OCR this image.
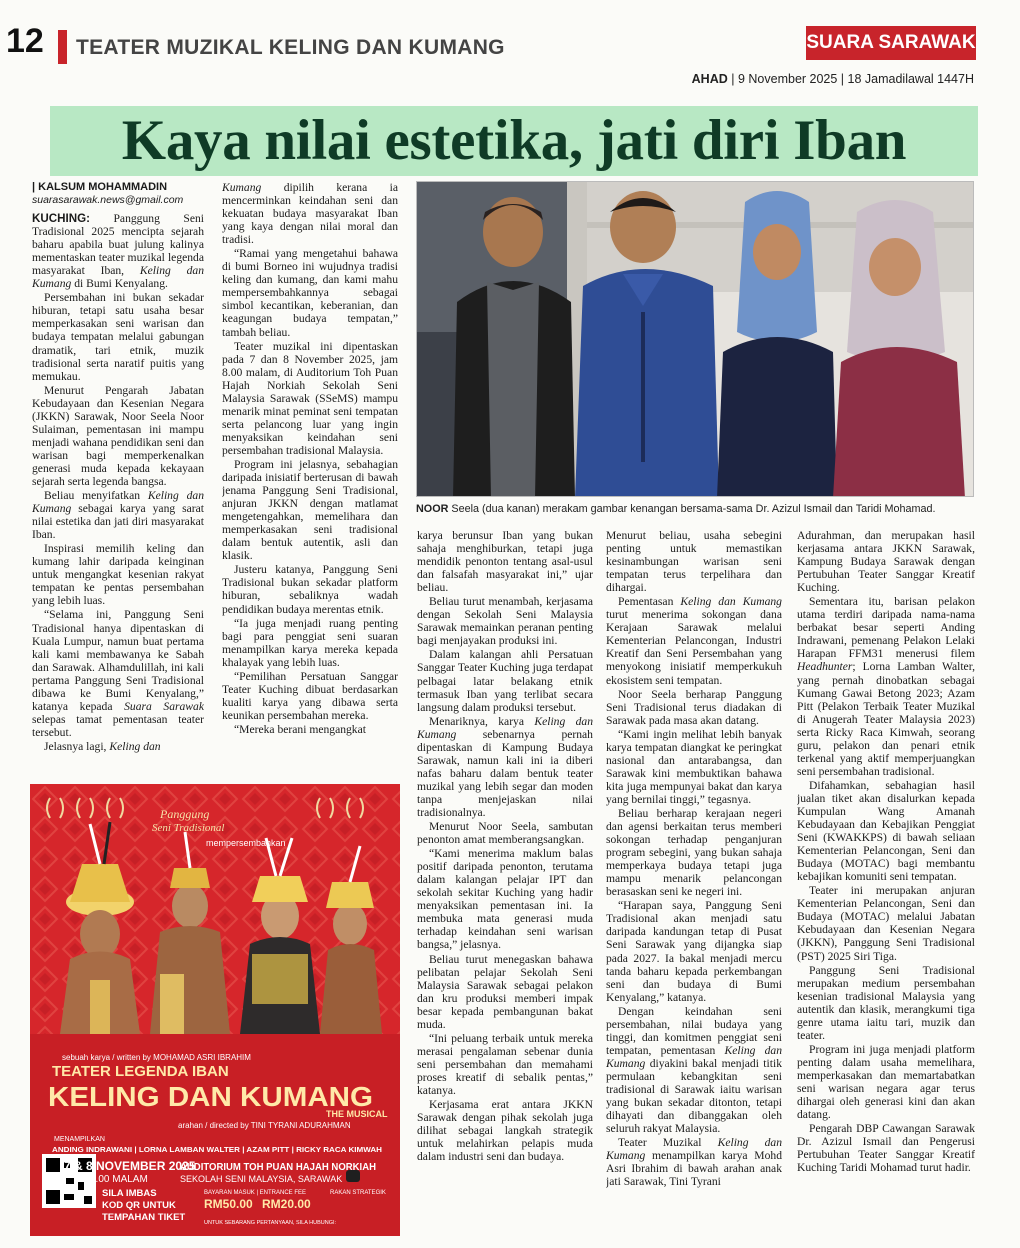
12 TEATER MUZIKAL KELING DAN KUMANG	SUARA SARAWAK
AHAD | 9 November 2025 | 18 Jamadilawal 1447H
Kaya nilai estetika, jati diri Iban
| KALSUM MOHAMMADIN
suarasarawak.news@gmail.com

KUCHING: Panggung Seni Tradisional 2025 mencipta sejarah baharu apabila buat julung kalinya mementaskan teater muzikal legenda masyarakat Iban, Keling dan Kumang di Bumi Kenyalang.

Persembahan ini bukan sekadar hiburan, tetapi satu usaha besar memperkasakan seni warisan dan budaya tempatan melalui gabungan dramatik, tari etnik, muzik tradisional serta naratif puitis yang memukau.

Menurut Pengarah Jabatan Kebudayaan dan Kesenian Negara (JKKN) Sarawak, Noor Seela Noor Sulaiman, pementasan ini mampu menjadi wahana pendidikan seni dan warisan bagi memperkenalkan generasi muda kepada kekayaan sejarah serta legenda bangsa.

Beliau menyifatkan Keling dan Kumang sebagai karya yang sarat nilai estetika dan jati diri masyarakat Iban.

Inspirasi memilih keling dan kumang lahir daripada keinginan untuk mengangkat kesenian rakyat tempatan ke pentas persembahan yang lebih luas.

“Selama ini, Panggung Seni Tradisional hanya dipentaskan di Kuala Lumpur, namun buat pertama kali kami membawanya ke Sabah dan Sarawak. Alhamdulillah, ini kali pertama Panggung Seni Tradisional dibawa ke Bumi Kenyalang,” katanya kepada Suara Sarawak selepas tamat pementasan teater tersebut.

Jelasnya lagi, Keling dan

Kumang dipilih kerana ia mencerminkan keindahan seni dan kekuatan budaya masyarakat Iban yang kaya dengan nilai moral dan tradisi.

“Ramai yang mengetahui bahawa di bumi Borneo ini wujudnya tradisi keling dan kumang, dan kami mahu mempersembahkannya sebagai simbol kecantikan, keberanian, dan keagungan budaya tempatan,” tambah beliau.

Teater muzikal ini dipentaskan pada 7 dan 8 November 2025, jam 8.00 malam, di Auditorium Toh Puan Hajah Norkiah Sekolah Seni Malaysia Sarawak (SSeMS) mampu menarik minat peminat seni tempatan serta pelancong luar yang ingin menyaksikan keindahan seni persembahan tradisional Malaysia.

Program ini jelasnya, sebahagian daripada inisiatif berterusan di bawah jenama Panggung Seni Tradisional, anjuran JKKN dengan matlamat mengetengahkan, memelihara dan memperkasakan seni tradisional dalam bentuk autentik, asli dan klasik.

Justeru katanya, Panggung Seni Tradisional bukan sekadar platform hiburan, sebaliknya wadah pendidikan budaya merentas etnik.

“Ia juga menjadi ruang penting bagi para penggiat seni suaran menampilkan karya mereka kepada khalayak yang lebih luas.

“Pemilihan Persatuan Sanggar Teater Kuching dibuat berdasarkan kualiti karya yang dibawa serta keunikan persembahan mereka.

“Mereka berani mengangkat

NOOR Seela (dua kanan) merakam gambar kenangan bersama-sama Dr. Azizul Ismail dan Taridi Mohamad.

karya berunsur Iban yang bukan sahaja menghiburkan, tetapi juga mendidik penonton tentang asal-usul dan falsafah masyarakat ini,” ujar beliau.

Beliau turut menambah, kerjasama dengan Sekolah Seni Malaysia Sarawak memainkan peranan penting bagi menjayakan produksi ini.

Dalam kalangan ahli Persatuan Sanggar Teater Kuching juga terdapat pelbagai latar belakang etnik termasuk Iban yang terlibat secara langsung dalam produksi tersebut.

Menariknya, karya Keling dan Kumang sebenarnya pernah dipentaskan di Kampung Budaya Sarawak, namun kali ini ia diberi nafas baharu dalam bentuk teater muzikal yang lebih segar dan moden tanpa menjejaskan nilai tradisionalnya.

Menurut Noor Seela, sambutan penonton amat memberangsangkan.

“Kami menerima maklum balas positif daripada penonton, terutama dalam kalangan pelajar IPT dan sekolah sekitar Kuching yang hadir menyaksikan pementasan ini. Ia membuka mata generasi muda terhadap keindahan seni warisan bangsa,” jelasnya.

Beliau turut menegaskan bahawa pelibatan pelajar Sekolah Seni Malaysia Sarawak sebagai pelakon dan kru produksi memberi impak besar kepada pembangunan bakat muda.

“Ini peluang terbaik untuk mereka merasai pengalaman sebenar dunia seni persembahan dan memahami proses kreatif di sebalik pentas,” katanya.

Kerjasama erat antara JKKN Sarawak dengan pihak sekolah juga dilihat sebagai langkah strategik untuk melahirkan pelapis muda dalam industri seni dan budaya.

Menurut beliau, usaha sebegini penting untuk memastikan kesinambungan warisan seni tempatan terus terpelihara dan dihargai.

Pementasan Keling dan Kumang turut menerima sokongan dana Kerajaan Sarawak melalui Kementerian Pelancongan, Industri Kreatif dan Seni Persembahan yang menyokong inisiatif memperkukuh ekosistem seni tempatan.

Noor Seela berharap Panggung Seni Tradisional terus diadakan di Sarawak pada masa akan datang.

“Kami ingin melihat lebih banyak karya tempatan diangkat ke peringkat nasional dan antarabangsa, dan Sarawak kini membuktikan bahawa kita juga mempunyai bakat dan karya yang bernilai tinggi,” tegasnya.

Beliau berharap kerajaan negeri dan agensi berkaitan terus memberi sokongan terhadap penganjuran program sebegini, yang bukan sahaja memperkaya budaya tetapi juga mampu menarik pelancongan berasaskan seni ke negeri ini.

“Harapan saya, Panggung Seni Tradisional akan menjadi satu daripada kandungan tetap di Pusat Seni Sarawak yang dijangka siap pada 2027. Ia bakal menjadi mercu tanda baharu kepada perkembangan seni dan budaya di Bumi Kenyalang,” katanya.

Dengan keindahan seni persembahan, nilai budaya yang tinggi, dan komitmen penggiat seni tempatan, pementasan Keling dan Kumang diyakini bakal menjadi titik permulaan kebangkitan seni tradisional di Sarawak iaitu warisan yang bukan sekadar ditonton, tetapi dihayati dan dibanggakan oleh seluruh rakyat Malaysia.

Teater Muzikal Keling dan Kumang menampilkan karya Mohd Asri Ibrahim di bawah arahan anak jati Sarawak, Tini Tyrani

Adurahman, dan merupakan hasil kerjasama antara JKKN Sarawak, Kampung Budaya Sarawak dengan Pertubuhan Teater Sanggar Kreatif Kuching.

Sementara itu, barisan pelakon utama terdiri daripada nama-nama berbakat besar seperti Anding Indrawani, pemenang Pelakon Lelaki Harapan FFM31 menerusi filem Headhunter; Lorna Lamban Walter, yang pernah dinobatkan sebagai Kumang Gawai Betong 2023; Azam Pitt (Pelakon Terbaik Teater Muzikal di Anugerah Teater Malaysia 2023) serta Ricky Raca Kimwah, seorang guru, pelakon dan penari etnik terkenal yang aktif memperjuangkan seni persembahan tradisional.

Difahamkan, sebahagian hasil jualan tiket akan disalurkan kepada Kumpulan Wang Amanah Kebudayaan dan Kebajikan Penggiat Seni (KWAKKPS) di bawah seliaan Kementerian Pelancongan, Seni dan Budaya (MOTAC) bagi membantu kebajikan komuniti seni tempatan.

Teater ini merupakan anjuran Kementerian Pelancongan, Seni dan Budaya (MOTAC) melalui Jabatan Kebudayaan dan Kesenian Negara (JKKN), Panggung Seni Tradisional (PST) 2025 Siri Tiga.

Panggung Seni Tradisional merupakan medium persembahan kesenian tradisional Malaysia yang autentik dan klasik, merangkumi tiga genre utama iaitu tari, muzik dan teater.

Program ini juga menjadi platform penting dalam usaha memelihara, memperkasakan dan memartabatkan seni warisan negara agar terus dihargai oleh generasi kini dan akan datang.

Pengarah DBP Cawangan Sarawak Dr. Azizul Ismail dan Pengerusi Pertubuhan Teater Sanggar Kreatif Kuching Taridi Mohamad turut hadir.

Panggung
Seni Tradisional
mempersembahkan
sebuah karya / written by MOHAMAD ASRI IBRAHIM
TEATER LEGENDA IBAN
KELING DAN KUMANG
THE MUSICAL
arahan / directed by TINI TYRANI ADURAHMAN
MENAMPILKAN
ANDING INDRAWANI | LORNA LAMBAN WALTER | AZAM PITT | RICKY RACA KIMWAH
7 & 8 NOVEMBER 2025
8.00 MALAM
AUDITORIUM TOH PUAN HAJAH NORKIAH
SEKOLAH SENI MALAYSIA, SARAWAK
SILA IMBAS
KOD QR UNTUK
TEMPAHAN TIKET
BAYARAN MASUK | ENTRANCE FEE
RM50.00 RM20.00
RAKAN STRATEGIK
UNTUK SEBARANG PERTANYAAN, SILA HUBUNGI:
